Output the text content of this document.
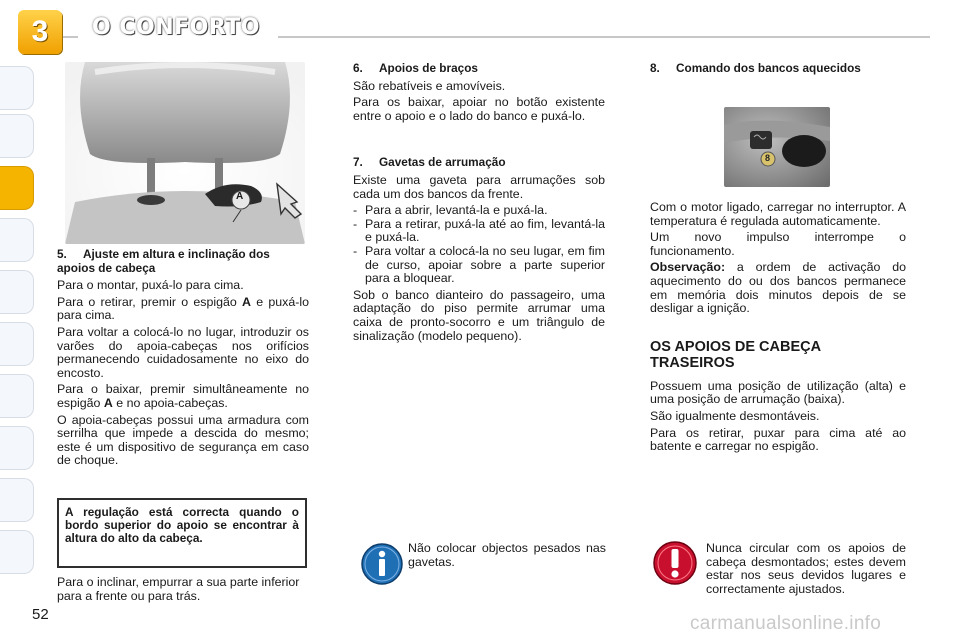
3	O CONFORTO
A
5. Ajuste em altura e inclinação dos apoios de cabeça

Para o montar, puxá-lo para cima.

Para o retirar, premir o espigão A e puxá-lo para cima.

Para voltar a colocá-lo no lugar, introduzir os varões do apoia-cabeças nos orifícios permanecendo cuidadosamente no eixo do encosto.

Para o baixar, premir simultâneamente no espigão A e no apoia-cabeças.

O apoia-cabeças possui uma armadura com serrilha que impede a descida do mesmo; este é um dispositivo de segurança em caso de choque.

A regulação está correcta quando o bordo superior do apoio se encontrar à altura do alto da cabeça.
Para o inclinar, empurrar a sua parte inferior para a frente ou para trás.
6. Apoios de braços

São rebatíveis e amovíveis.

Para os baixar, apoiar no botão existente entre o apoio e o lado do banco e puxá-lo.

7. Gavetas de arrumação

Existe uma gaveta para arrumações sob cada um dos bancos da frente.

- Para a abrir, levantá-la e puxá-la.
- Para a retirar, puxá-la até ao fim, levantá-la e puxá-la.
- Para voltar a colocá-la no seu lugar, em fim de curso, apoiar sobre a parte superior para a bloquear.

Sob o banco dianteiro do passageiro, uma adaptação do piso permite arrumar uma caixa de pronto-socorro e um triângulo de sinalização (modelo pequeno).

8.	Comando dos bancos aquecidos
8

Com o motor ligado, carregar no interruptor. A temperatura é regulada automaticamente.

Um novo impulso interrompe o funcionamento.

Observação: a ordem de activação do aquecimento do ou dos bancos permanece em memória dois minutos depois de se desligar a ignição.

OS APOIOS DE CABEÇA TRASEIROS

Possuem uma posição de utilização (alta) e uma posição de arrumação (baixa).

São igualmente desmontáveis.

Para os retirar, puxar para cima até ao batente e carregar no espigão.

Não colocar objectos pesados nas gavetas.
Nunca circular com os apoios de cabeça desmontados; estes devem estar nos seus devidos lugares e correctamente ajustados.
52	carmanualsonline.info
